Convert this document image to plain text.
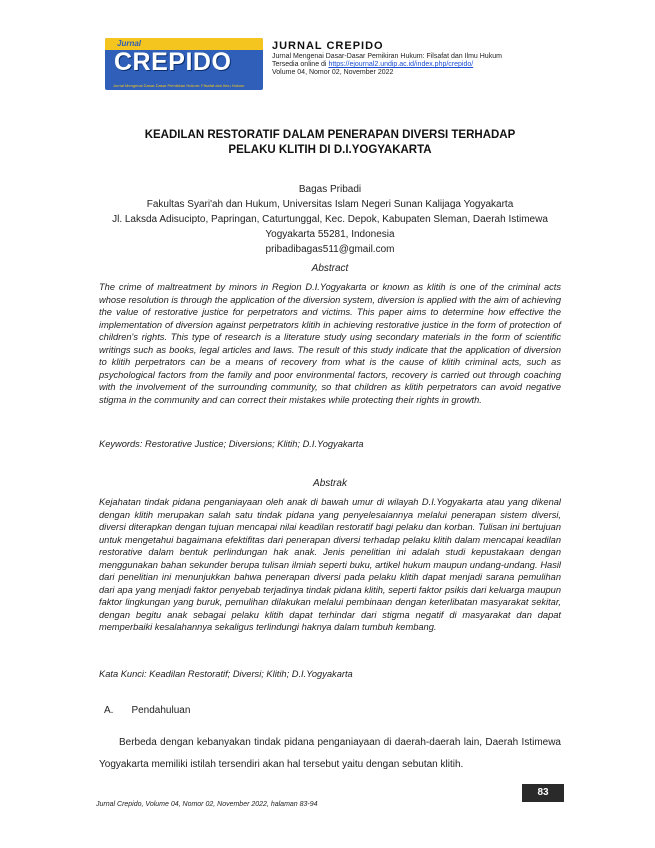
Jurnal
CREPIDO
Jurnal Mengenai Dasar-Dasar Pemikiran Hukum: Filsafat dan Ilmu Hukum
JURNAL CREPIDO
Jurnal Mengenai Dasar-Dasar Pemikiran Hukum: Filsafat dan Ilmu Hukum
Tersedia online di https://ejournal2.undip.ac.id/index.php/crepido/
Volume 04, Nomor 02, November 2022
KEADILAN RESTORATIF DALAM PENERAPAN DIVERSI TERHADAP
PELAKU KLITIH DI D.I.YOGYAKARTA
Bagas Pribadi
Fakultas Syari'ah dan Hukum, Universitas Islam Negeri Sunan Kalijaga Yogyakarta
Jl. Laksda Adisucipto, Papringan, Caturtunggal, Kec. Depok, Kabupaten Sleman, Daerah Istimewa Yogyakarta 55281, Indonesia
pribadibagas511@gmail.com
Abstract
The crime of maltreatment by minors in Region D.I.Yogyakarta or known as klitih is one of the criminal acts whose resolution is through the application of the diversion system, diversion is applied with the aim of achieving the value of restorative justice for perpetrators and victims. This paper aims to determine how effective the implementation of diversion against perpetrators klitih in achieving restorative justice in the form of protection of children's rights. This type of research is a literature study using secondary materials in the form of scientific writings such as books, legal articles and laws. The result of this study indicate that the application of diversion to klitih perpetrators can be a means of recovery from what is the cause of klitih criminal acts, such as psychological factors from the family and poor environmental factors, recovery is carried out through coaching with the involvement of the surrounding community, so that children as klitih perpetrators can avoid negative stigma in the community and can correct their mistakes while protecting their rights in growth.
Keywords: Restorative Justice; Diversions; Klitih; D.I.Yogyakarta
Abstrak
Kejahatan tindak pidana penganiayaan oleh anak di bawah umur di wilayah D.I.Yogyakarta atau yang dikenal dengan klitih merupakan salah satu tindak pidana yang penyelesaiannya melalui penerapan sistem diversi, diversi diterapkan dengan tujuan mencapai nilai keadilan restoratif bagi pelaku dan korban. Tulisan ini bertujuan untuk mengetahui bagaimana efektifitas dari penerapan diversi terhadap pelaku klitih dalam mencapai keadilan restorative dalam bentuk perlindungan hak anak. Jenis penelitian ini adalah studi kepustakaan dengan menggunakan bahan sekunder berupa tulisan ilmiah seperti buku, artikel hukum maupun undang-undang. Hasil dari penelitian ini menunjukkan bahwa penerapan diversi pada pelaku klitih dapat menjadi sarana pemulihan dari apa yang menjadi faktor penyebab terjadinya tindak pidana klitih, seperti faktor psikis dari keluarga maupun faktor lingkungan yang buruk, pemulihan dilakukan melalui pembinaan dengan keterlibatan masyarakat sekitar, dengan begitu anak sebagai pelaku klitih dapat terhindar dari stigma negatif di masyarakat dan dapat memperbaiki kesalahannya sekaligus terlindungi haknya dalam tumbuh kembang.
Kata Kunci: Keadilan Restoratif; Diversi; Klitih; D.I.Yogyakarta
A. Pendahuluan
Berbeda dengan kebanyakan tindak pidana penganiayaan di daerah-daerah lain, Daerah Istimewa Yogyakarta memiliki istilah tersendiri akan hal tersebut yaitu dengan sebutan klitih.
Jurnal Crepido, Volume 04, Nomor 02, November 2022, halaman 83-94
83
